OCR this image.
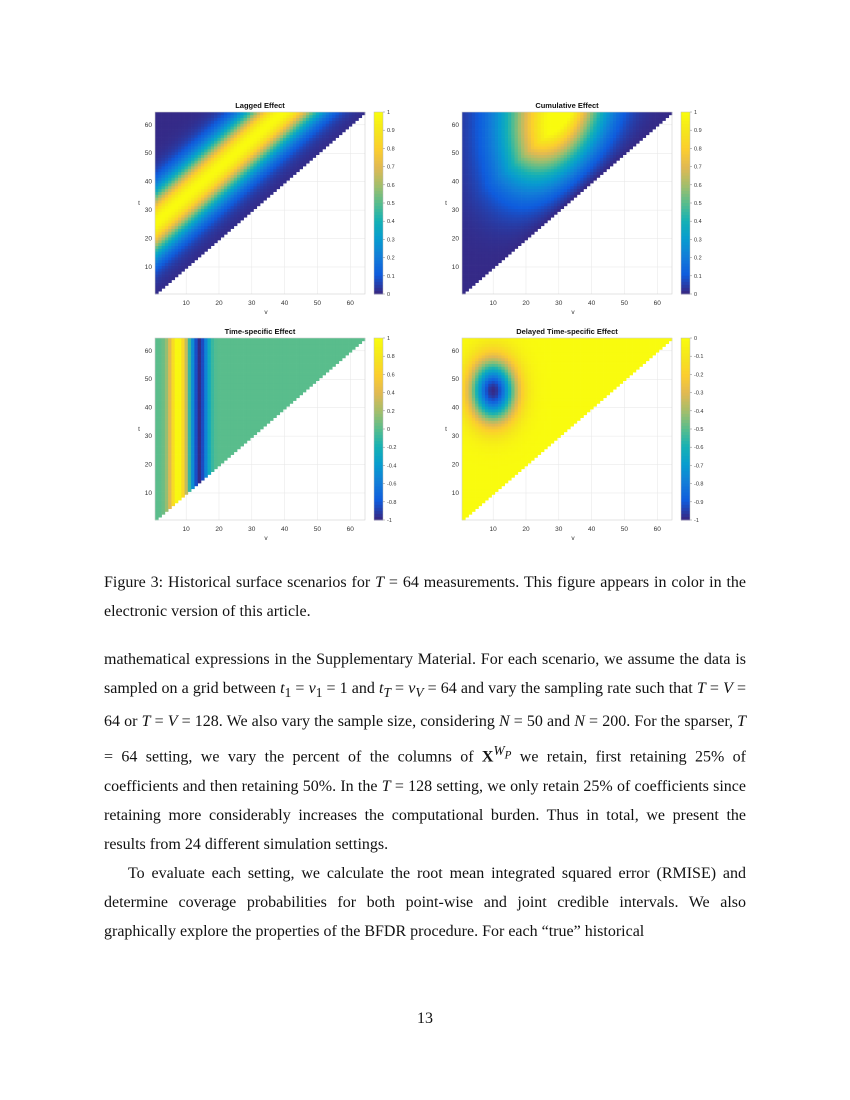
Lagged Effect
10	20	30	40	50	60
v
10
20
30
40
50
60
t
1
0.9
0.8
0.7
0.6
0.5
0.4
0.3
0.2
0.1
0
Cumulative Effect
10	20	30	40	50	60
v
10
20
30
40
50
60
t
1
0.9
0.8
0.7
0.6
0.5
0.4
0.3
0.2
0.1
0
Time-specific Effect
10	20	30	40	50	60
v
10
20
30
40
50
60
t
1
0.8
0.6
0.4
0.2
0
-0.2
-0.4
-0.6
-0.8
-1
Delayed Time-specific Effect
10	20	30	40	50	60
v
10
20
30
40
50
60
t
0
-0.1
-0.2
-0.3
-0.4
-0.5
-0.6
-0.7
-0.8
-0.9
-1
Figure 3: Historical surface scenarios for T = 64 measurements. This figure appears in color in the electronic version of this article.

mathematical expressions in the Supplementary Material. For each scenario, we assume the data is sampled on a grid between $t_1 = v_1 = 1$ and $t_T = v_V = 64$ and vary the sampling rate such that T = V = 64 or T = V = 128. We also vary the sample size, considering N = 50 and N = 200. For the sparser, T = 64 setting, we vary the percent of the columns of $X^{W_P}$ we retain, first retaining 25% of coefficients and then retaining 50%. In the T = 128 setting, we only retain 25% of coefficients since retaining more considerably increases the computational burden. Thus in total, we present the results from 24 different simulation settings.

To evaluate each setting, we calculate the root mean integrated squared error (RMISE) and determine coverage probabilities for both point-wise and joint credible intervals. We also graphically explore the properties of the BFDR procedure. For each “true” historical

13
